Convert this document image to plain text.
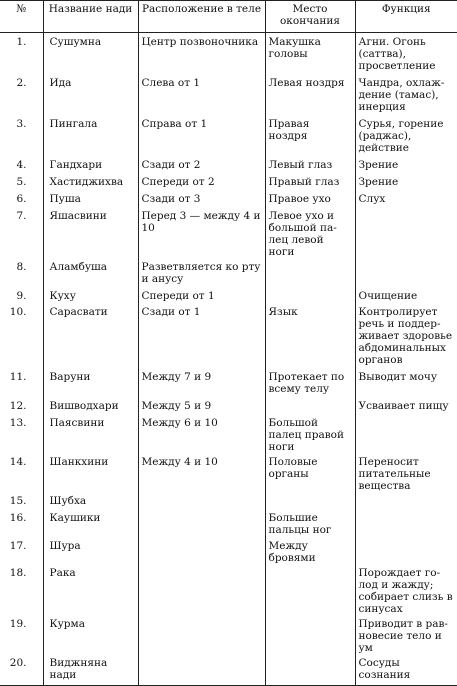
№	Название нади	Расположение в теле	Место окончания	Функция
1.	Сушумна	Центр позвоночника	Макушка головы	Агни. Огонь (саттва), просветление
2.	Ида	Слева от 1	Левая ноздря	Чандра, охлаж-дение (тамас), инерция
3.	Пингала	Справа от 1	Правая ноздря	Сурья, горение (раджас), действие
4.	Гандхари	Сзади от 2	Левый глаз	Зрение
5.	Хастиджихва	Спереди от 2	Правый глаз	Зрение
6.	Пуша	Сзади от 3	Правое ухо	Слух
7.	Яшасвини	Перед 3 — между 4 и 10	Левое ухо и большой па-лец левой ноги	
8.	Аламбуша	Разветвляется ко рту и анусу		
9.	Куху	Спереди от 1		Очищение
10.	Сарасвати	Сзади от 1	Язык	Контролирует речь и поддер-живает здоровье абдоминальных органов
11.	Варуни	Между 7 и 9	Протекает по всему телу	Выводит мочу
12.	Вишводхари	Между 5 и 9		Усваивает пищу
13.	Паясвини	Между 6 и 10	Большой палец правой ноги	
14.	Шанкхини	Между 4 и 10	Половые органы	Переносит питательные вещества
15.	Шубха			
16.	Каушики		Большие пальцы ног	
17.	Шура		Между бровями	
18.	Рака			Порождает го-лод и жажду; собирает слизь в синусах
19.	Курма			Приводит в рав-новесие тело и ум
20.	Виджняна нади			Сосуды сознания
